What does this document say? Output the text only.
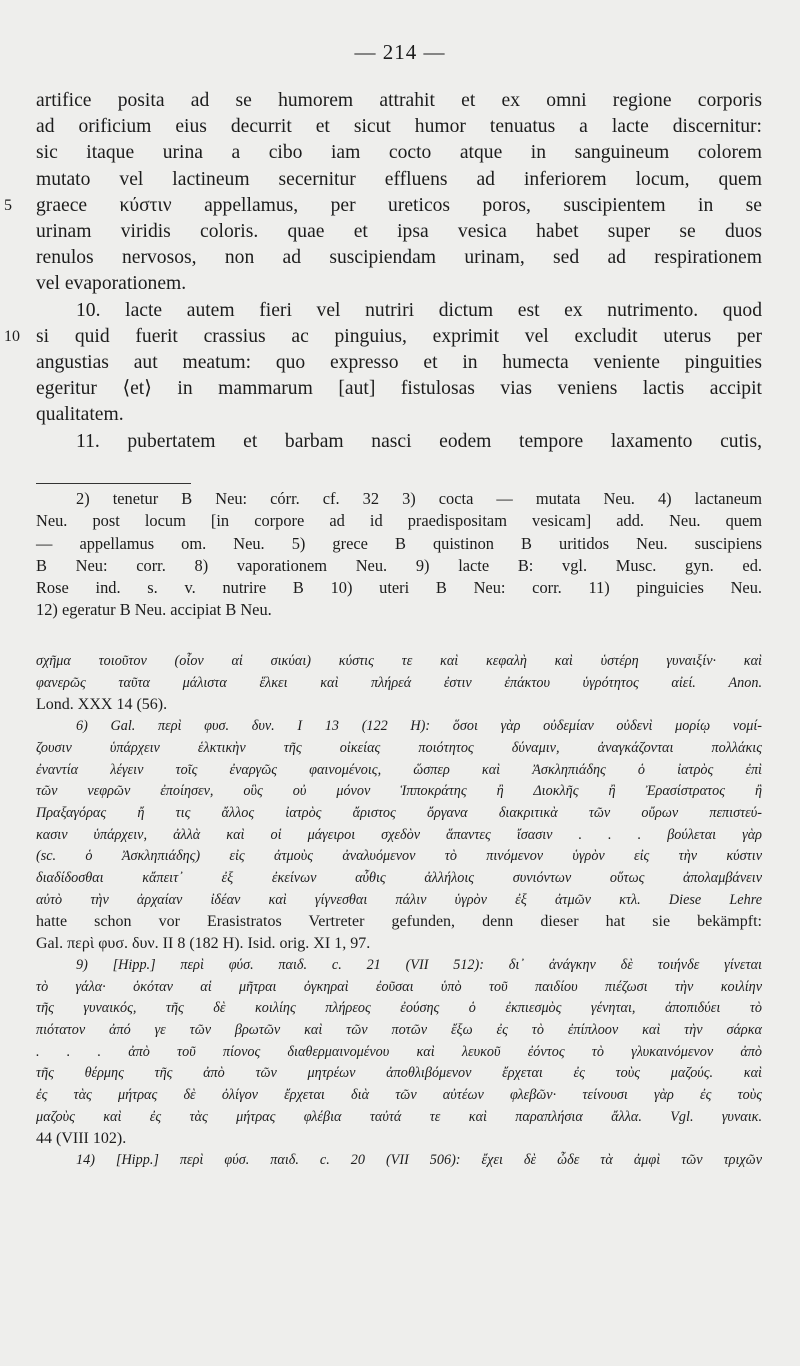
— 214 —
artifice posita ad se humorem attrahit et ex omni regione corporis
ad orificium eius decurrit et sicut humor tenuatus a lacte discernitur:
sic itaque urina a cibo iam cocto atque in sanguineum colorem
mutato vel lactineum secernitur effluens ad inferiorem locum, quem
5 graece κύστιν appellamus, per ureticos poros, suscipientem in se
urinam viridis coloris. quae et ipsa vesica habet super se duos
renulos nervosos, non ad suscipiendam urinam, sed ad respirationem
vel evaporationem.
10. lacte autem fieri vel nutriri dictum est ex nutrimento. quod
10 si quid fuerit crassius ac pinguius, exprimit vel excludit uterus per
angustias aut meatum: quo expresso et in humecta veniente pinguities
egeritur ⟨et⟩ in mammarum [aut] fistulosas vias veniens lactis accipit
qualitatem.
11. pubertatem et barbam nasci eodem tempore laxamento cutis,
2) tenetur B Neu: córr. cf. 32 3) cocta — mutata Neu. 4) lactaneum
Neu. post locum [in corpore ad id praedispositam vesicam] add. Neu. quem
— appellamus om. Neu. 5) grece B quistinon B uritidos Neu. suscipiens
B Neu: corr. 8) vaporationem Neu. 9) lacte B: vgl. Musc. gyn. ed.
Rose ind. s. v. nutrire B 10) uteri B Neu: corr. 11) pinguicies Neu.
12) egeratur B Neu. accipiat B Neu.
σχῆμα τοιοῦτον (οἷον αἱ σικύαι) κύστις τε καὶ κεφαλὴ καὶ ὑστέρη γυναιξίν· καὶ
φανερῶς ταῦτα μάλιστα ἕλκει καὶ πλήρεά ἐστιν ἐπάκτου ὑγρότητος αἰεί. Anon.
Lond. XXX 14 (56).
6) Gal. περὶ φυσ. δυν. I 13 (122 H): ὅσοι γὰρ οὐδεμίαν οὐδενὶ μορίῳ νομί-
ζουσιν ὑπάρχειν ἑλκτικὴν τῆς οἰκείας ποιότητος δύναμιν, ἀναγκάζονται πολλάκις
ἐναντία λέγειν τοῖς ἐναργῶς φαινομένοις, ὥσπερ καὶ Ἀσκληπιάδης ὁ ἰατρὸς ἐπὶ
τῶν νεφρῶν ἐποίησεν, οὓς οὐ μόνον Ἱπποκράτης ἢ Διοκλῆς ἢ Ἐρασίστρατος ἢ
Πραξαγόρας ἤ τις ἄλλος ἰατρὸς ἄριστος ὄργανα διακριτικὰ τῶν οὔρων πεπιστεύ-
κασιν ὑπάρχειν, ἀλλὰ καὶ οἱ μάγειροι σχεδὸν ἅπαντες ἴσασιν . . . βούλεται γὰρ
(sc. ὁ Ἀσκληπιάδης) εἰς ἀτμοὺς ἀναλυόμενον τὸ πινόμενον ὑγρὸν εἰς τὴν κύστιν
διαδίδοσθαι κἄπειτ᾽ ἐξ ἐκείνων αὖθις ἀλλήλοις συνιόντων οὕτως ἀπολαμβάνειν
αὐτὸ τὴν ἀρχαίαν ἰδέαν καὶ γίγνεσθαι πάλιν ὑγρὸν ἐξ ἀτμῶν κτλ. Diese Lehre
hatte schon vor Erasistratos Vertreter gefunden, denn dieser hat sie bekämpft:
Gal. περὶ φυσ. δυν. II 8 (182 H). Isid. orig. XI 1, 97.
9) [Hipp.] περὶ φύσ. παιδ. c. 21 (VII 512): δι᾽ ἀνάγκην δὲ τοιήνδε γίνεται
τὸ γάλα· ὁκόταν αἱ μῆτραι ὀγκηραὶ ἐοῦσαι ὑπὸ τοῦ παιδίου πιέζωσι τὴν κοιλίην
τῆς γυναικός, τῆς δὲ κοιλίης πλήρεος ἐούσης ὁ ἐκπιεσμὸς γένηται, ἀποπιδύει τὸ
πιότατον ἀπό γε τῶν βρωτῶν καὶ τῶν ποτῶν ἔξω ἐς τὸ ἐπίπλοον καὶ τὴν σάρκα
. . . ἀπὸ τοῦ πίονος διαθερμαινομένου καὶ λευκοῦ ἐόντος τὸ γλυκαινόμενον ἀπὸ
τῆς θέρμης τῆς ἀπὸ τῶν μητρέων ἀποθλιβόμενον ἔρχεται ἐς τοὺς μαζούς. καὶ
ἐς τὰς μήτρας δὲ ὀλίγον ἔρχεται διὰ τῶν αὐτέων φλεβῶν· τείνουσι γὰρ ἐς τοὺς
μαζοὺς καὶ ἐς τὰς μήτρας φλέβια ταὐτά τε καὶ παραπλήσια ἄλλα. Vgl. γυναικ.
44 (VIII 102).
14) [Hipp.] περὶ φύσ. παιδ. c. 20 (VII 506): ἔχει δὲ ὧδε τὰ ἀμφὶ τῶν τριχῶν
